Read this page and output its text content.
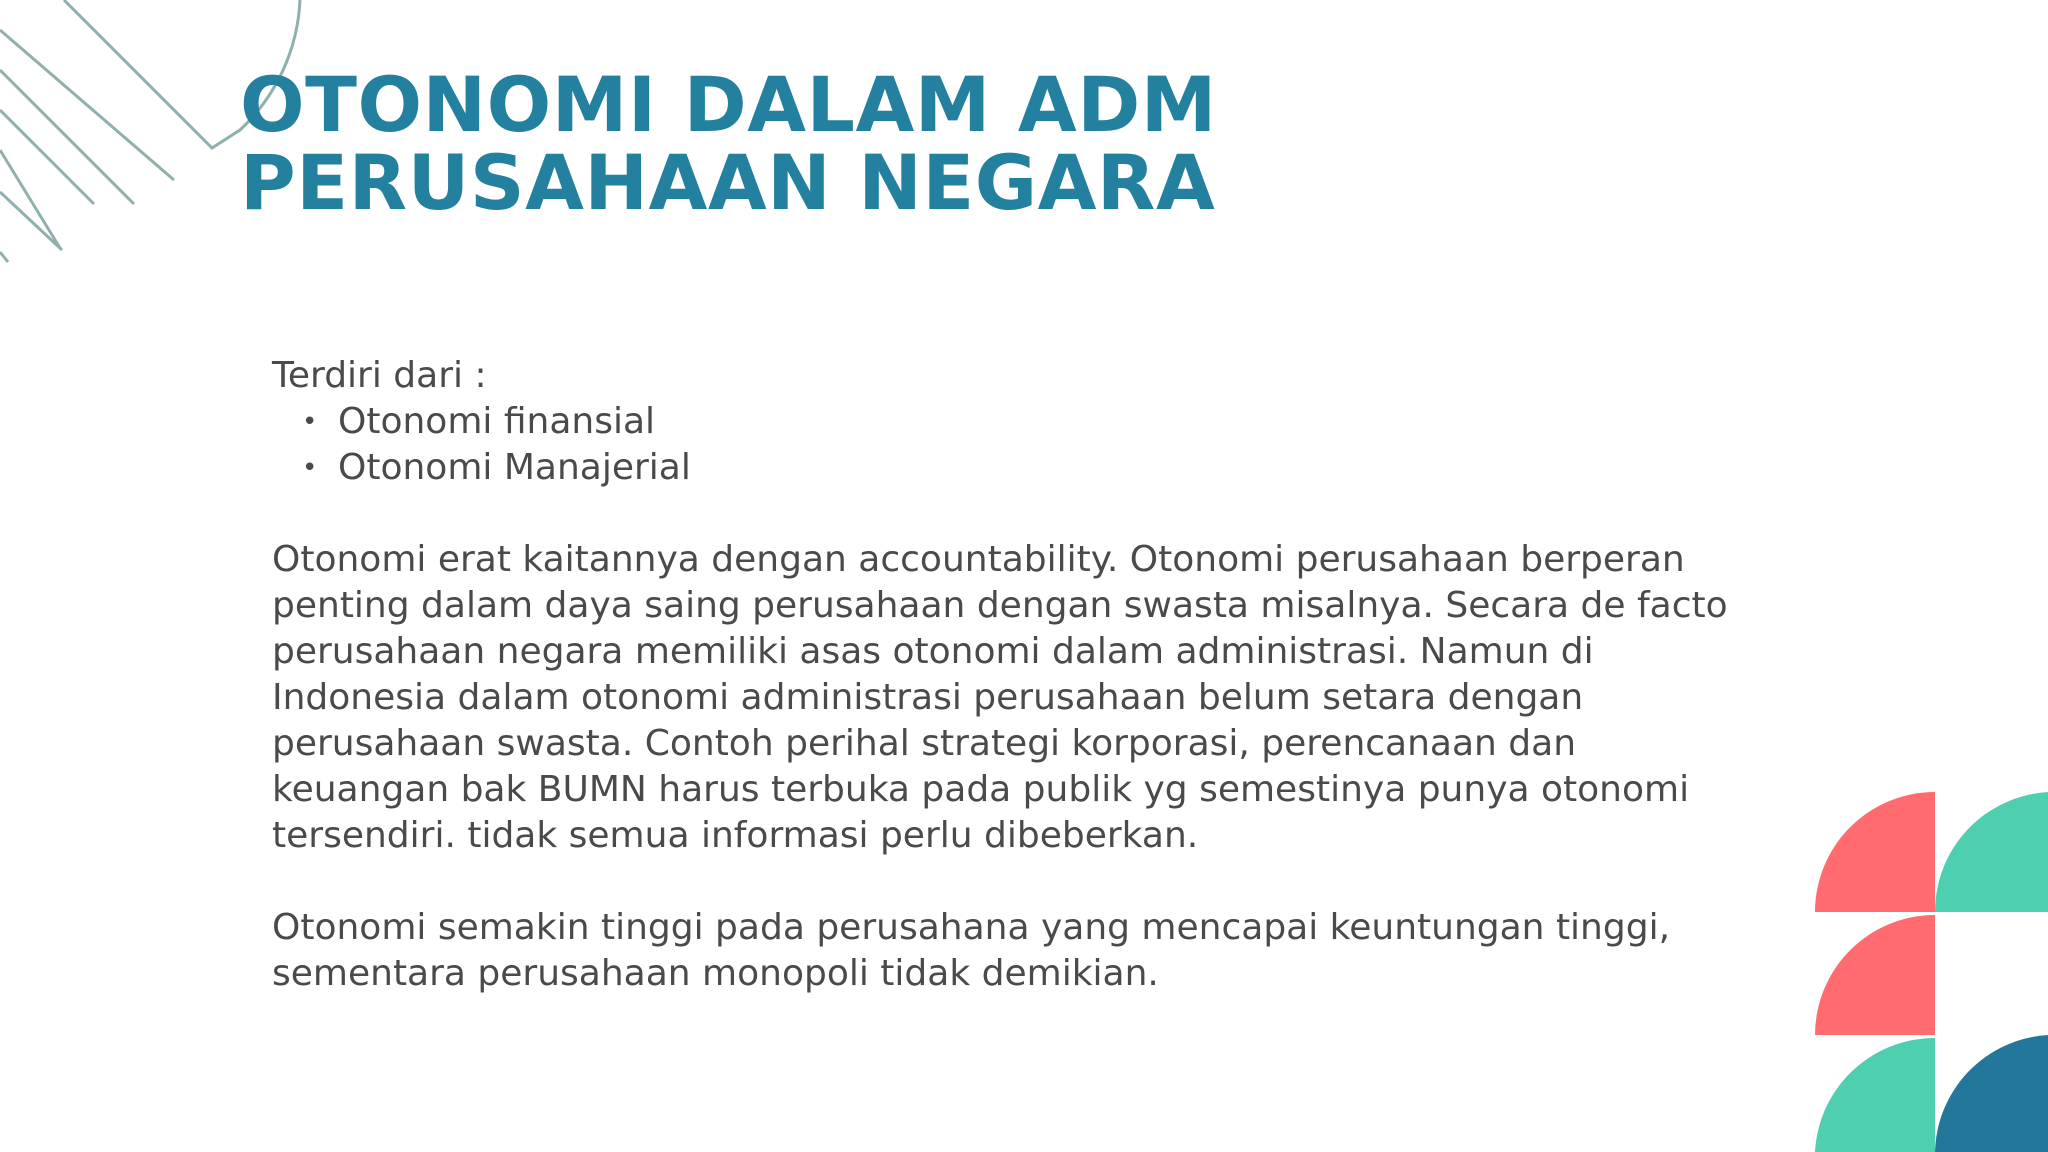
OTONOMI DALAM ADM PERUSAHAAN NEGARA

Terdiri dari :

• Otonomi finansial
• Otonomi Manajerial

Otonomi erat kaitannya dengan accountability. Otonomi perusahaan berperan penting dalam daya saing perusahaan dengan swasta misalnya. Secara de facto perusahaan negara memiliki asas otonomi dalam administrasi. Namun di Indonesia dalam otonomi administrasi perusahaan belum setara dengan perusahaan swasta. Contoh perihal strategi korporasi, perencanaan dan keuangan bak BUMN harus terbuka pada publik yg semestinya punya otonomi tersendiri. tidak semua informasi perlu dibeberkan.

Otonomi semakin tinggi pada perusahana yang mencapai keuntungan tinggi, sementara perusahaan monopoli tidak demikian.
